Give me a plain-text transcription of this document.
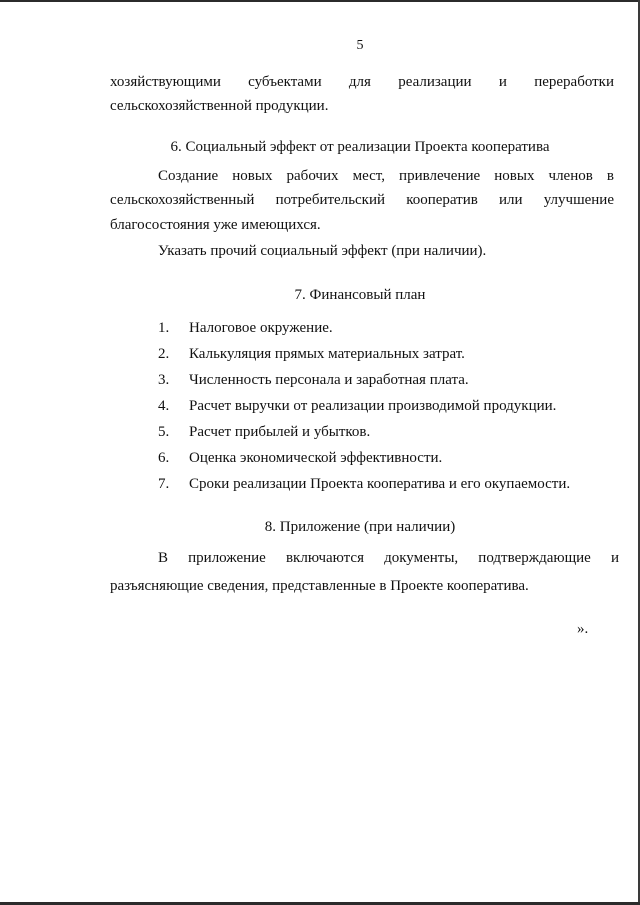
5
хозяйствующими субъектами для реализации и переработки
сельскохозяйственной продукции.
6. Социальный эффект от реализации Проекта кооператива
Создание новых рабочих мест, привлечение новых членов в
сельскохозяйственный потребительский кооператив или улучшение
благосостояния уже имеющихся.
Указать прочий социальный эффект (при наличии).
7. Финансовый план
1. Налоговое окружение.
2. Калькуляция прямых материальных затрат.
3. Численность персонала и заработная плата.
4. Расчет выручки от реализации производимой продукции.
5. Расчет прибылей и убытков.
6. Оценка экономической эффективности.
7. Сроки реализации Проекта кооператива и его окупаемости.
8. Приложение (при наличии)
В приложение включаются документы, подтверждающие и
разъясняющие сведения, представленные в Проекте кооператива.
».
